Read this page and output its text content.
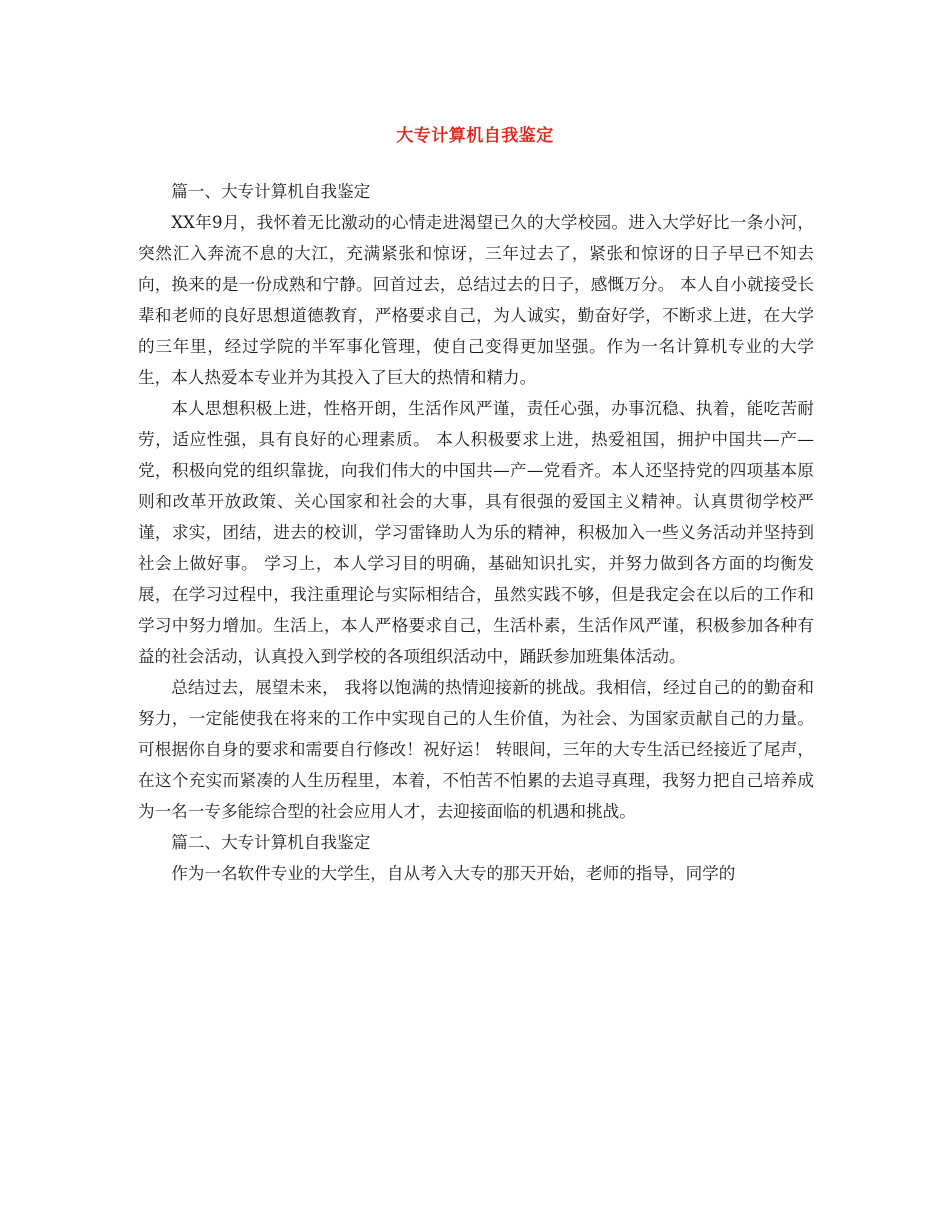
大专计算机自我鉴定

篇一、大专计算机自我鉴定

XX年9月，我怀着无比激动的心情走进渴望已久的大学校园。进入大学好比一条小河，突然汇入奔流不息的大江，充满紧张和惊讶，三年过去了，紧张和惊讶的日子早已不知去向，换来的是一份成熟和宁静。回首过去，总结过去的日子，感慨万分。 本人自小就接受长辈和老师的良好思想道德教育，严格要求自己，为人诚实，勤奋好学，不断求上进，在大学的三年里，经过学院的半军事化管理，使自己变得更加坚强。作为一名计算机专业的大学生，本人热爱本专业并为其投入了巨大的热情和精力。

本人思想积极上进，性格开朗，生活作风严谨，责任心强，办事沉稳、执着，能吃苦耐劳，适应性强，具有良好的心理素质。 本人积极要求上进，热爱祖国，拥护中国共—产—党，积极向党的组织靠拢，向我们伟大的中国共—产—党看齐。本人还坚持党的四项基本原则和改革开放政策、关心国家和社会的大事，具有很强的爱国主义精神。认真贯彻学校严谨，求实，团结，进去的校训，学习雷锋助人为乐的精神，积极加入一些义务活动并坚持到社会上做好事。 学习上，本人学习目的明确，基础知识扎实，并努力做到各方面的均衡发展，在学习过程中，我注重理论与实际相结合，虽然实践不够，但是我定会在以后的工作和学习中努力增加。生活上，本人严格要求自己，生活朴素，生活作风严谨，积极参加各种有益的社会活动，认真投入到学校的各项组织活动中，踊跃参加班集体活动。

总结过去，展望未来， 我将以饱满的热情迎接新的挑战。我相信，经过自己的的勤奋和努力，一定能使我在将来的工作中实现自己的人生价值，为社会、为国家贡献自己的力量。 可根据你自身的要求和需要自行修改！祝好运！ 转眼间，三年的大专生活已经接近了尾声，在这个充实而紧凑的人生历程里，本着，不怕苦不怕累的去追寻真理，我努力把自己培养成为一名一专多能综合型的社会应用人才，去迎接面临的机遇和挑战。

篇二、大专计算机自我鉴定

作为一名软件专业的大学生，自从考入大专的那天开始，老师的指导，同学的
